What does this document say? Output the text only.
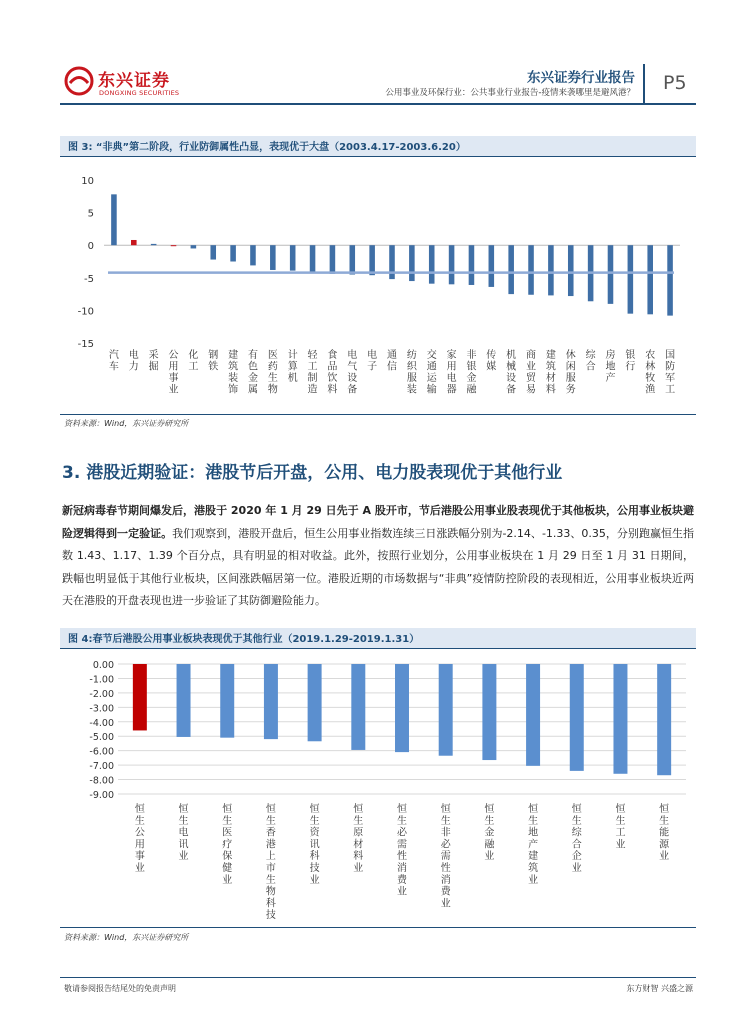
东兴证券
DONGXING SECURITIES
东兴证券行业报告
公用事业及环保行业：公共事业行业报告-疫情来袭哪里是避风港？ P5
图 3: “非典”第二阶段，行业防御属性凸显，表现优于大盘（2003.4.17-2003.6.20）
10
5
0
-5
-10
-15
汽车
电力
采掘
公用事业
化工
钢铁
建筑装饰
有色金属
医药生物
计算机
轻工制造
食品饮料
电气设备
电子
通信
纺织服装
交通运输
家用电器
非银金融
传媒
机械设备
商业贸易
建筑材料
休闲服务
综合
房地产
银行
农林牧渔
国防军工
资料来源：Wind，东兴证券研究所
3. 港股近期验证：港股节后开盘，公用、电力股表现优于其他行业
新冠病毒春节期间爆发后，港股于 2020 年 1 月 29 日先于 A 股开市，节后港股公用事业股表现优于其他板块，公用事业板块避险逻辑得到一定验证。我们观察到，港股开盘后，恒生公用事业指数连续三日涨跌幅分别为-2.14、-1.33、0.35，分别跑赢恒生指数 1.43、1.17、1.39 个百分点，具有明显的相对收益。此外，按照行业划分，公用事业板块在 1 月 29 日至 1 月 31 日期间，跌幅也明显低于其他行业板块，区间涨跌幅居第一位。港股近期的市场数据与“非典”疫情防控阶段的表现相近，公用事业板块近两天在港股的开盘表现也进一步验证了其防御避险能力。
图 4:春节后港股公用事业板块表现优于其他行业（2019.1.29-2019.1.31）
0.00
-1.00
-2.00
-3.00
-4.00
-5.00
-6.00
-7.00
-8.00
-9.00
恒生公用事业
恒生电讯业
恒生医疗保健业
恒生香港上市生物科技
恒生资讯科技业
恒生原材料业
恒生必需性消费业
恒生非必需性消费业
恒生金融业
恒生地产建筑业
恒生综合企业
恒生工业
恒生能源业
资料来源：Wind，东兴证券研究所
敬请参阅报告结尾处的免责声明	东方财智 兴盛之源
